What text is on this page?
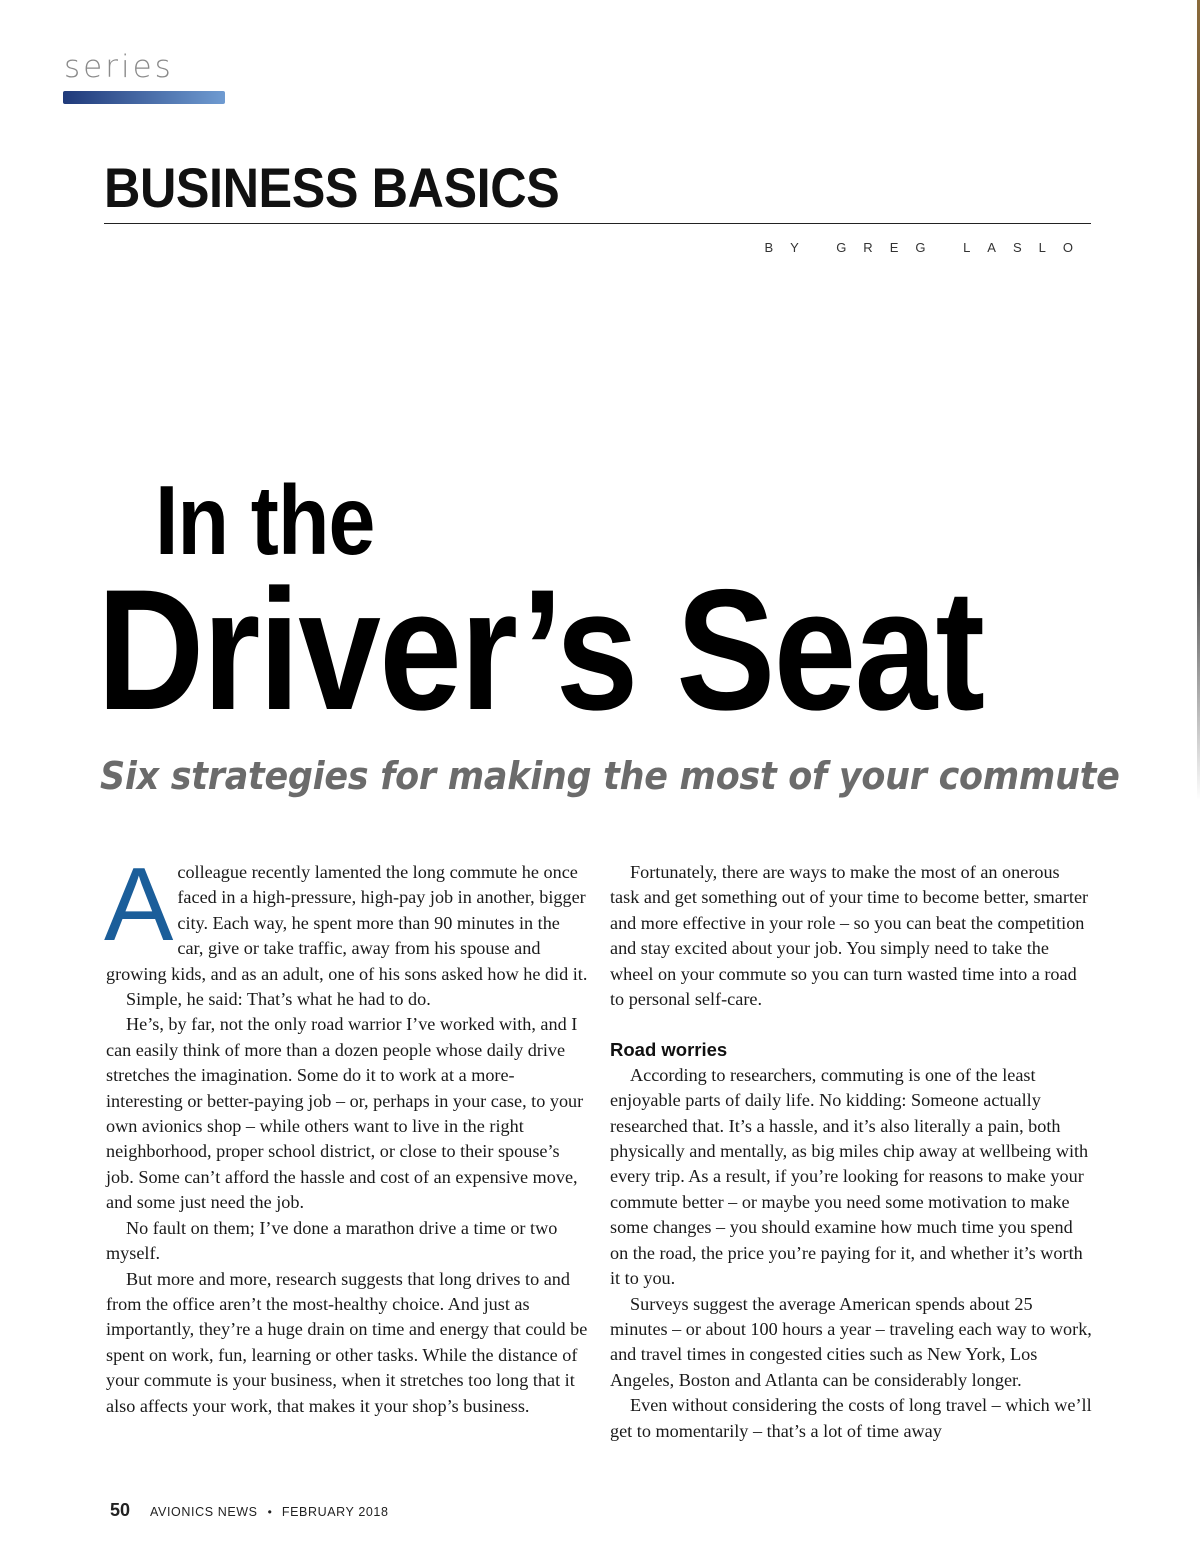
series
BUSINESS BASICS
BY GREG LASLO
In the
Driver’s Seat
Six strategies for making the most of your commute

Acolleague recently lamented the long commute he once faced in a high-pressure, high-pay job in another, bigger city. Each way, he spent more than 90 minutes in the car, give or take traffic, away from his spouse and growing kids, and as an adult, one of his sons asked how he did it.

Simple, he said: That’s what he had to do.

He’s, by far, not the only road warrior I’ve worked with, and I can easily think of more than a dozen people whose daily drive stretches the imagination. Some do it to work at a more-interesting or better-paying job – or, perhaps in your case, to your own avionics shop – while others want to live in the right neighborhood, proper school district, or close to their spouse’s job. Some can’t afford the hassle and cost of an expensive move, and some just need the job.

No fault on them; I’ve done a marathon drive a time or two myself.

But more and more, research suggests that long drives to and from the office aren’t the most-healthy choice. And just as importantly, they’re a huge drain on time and energy that could be spent on work, fun, learning or other tasks. While the distance of your commute is your business, when it stretches too long that it also affects your work, that makes it your shop’s business.

Fortunately, there are ways to make the most of an onerous task and get something out of your time to become better, smarter and more effective in your role – so you can beat the competition and stay excited about your job. You simply need to take the wheel on your commute so you can turn wasted time into a road to personal self-care.

Road worries

According to researchers, commuting is one of the least enjoyable parts of daily life. No kidding: Someone actually researched that. It’s a hassle, and it’s also literally a pain, both physically and mentally, as big miles chip away at wellbeing with every trip. As a result, if you’re looking for reasons to make your commute better – or maybe you need some motivation to make some changes – you should examine how much time you spend on the road, the price you’re paying for it, and whether it’s worth it to you.

Surveys suggest the average American spends about 25 minutes – or about 100 hours a year – traveling each way to work, and travel times in congested cities such as New York, Los Angeles, Boston and Atlanta can be considerably longer.

Even without considering the costs of long travel – which we’ll get to momentarily – that’s a lot of time away

50 AVIONICS NEWS • FEBRUARY 2018
